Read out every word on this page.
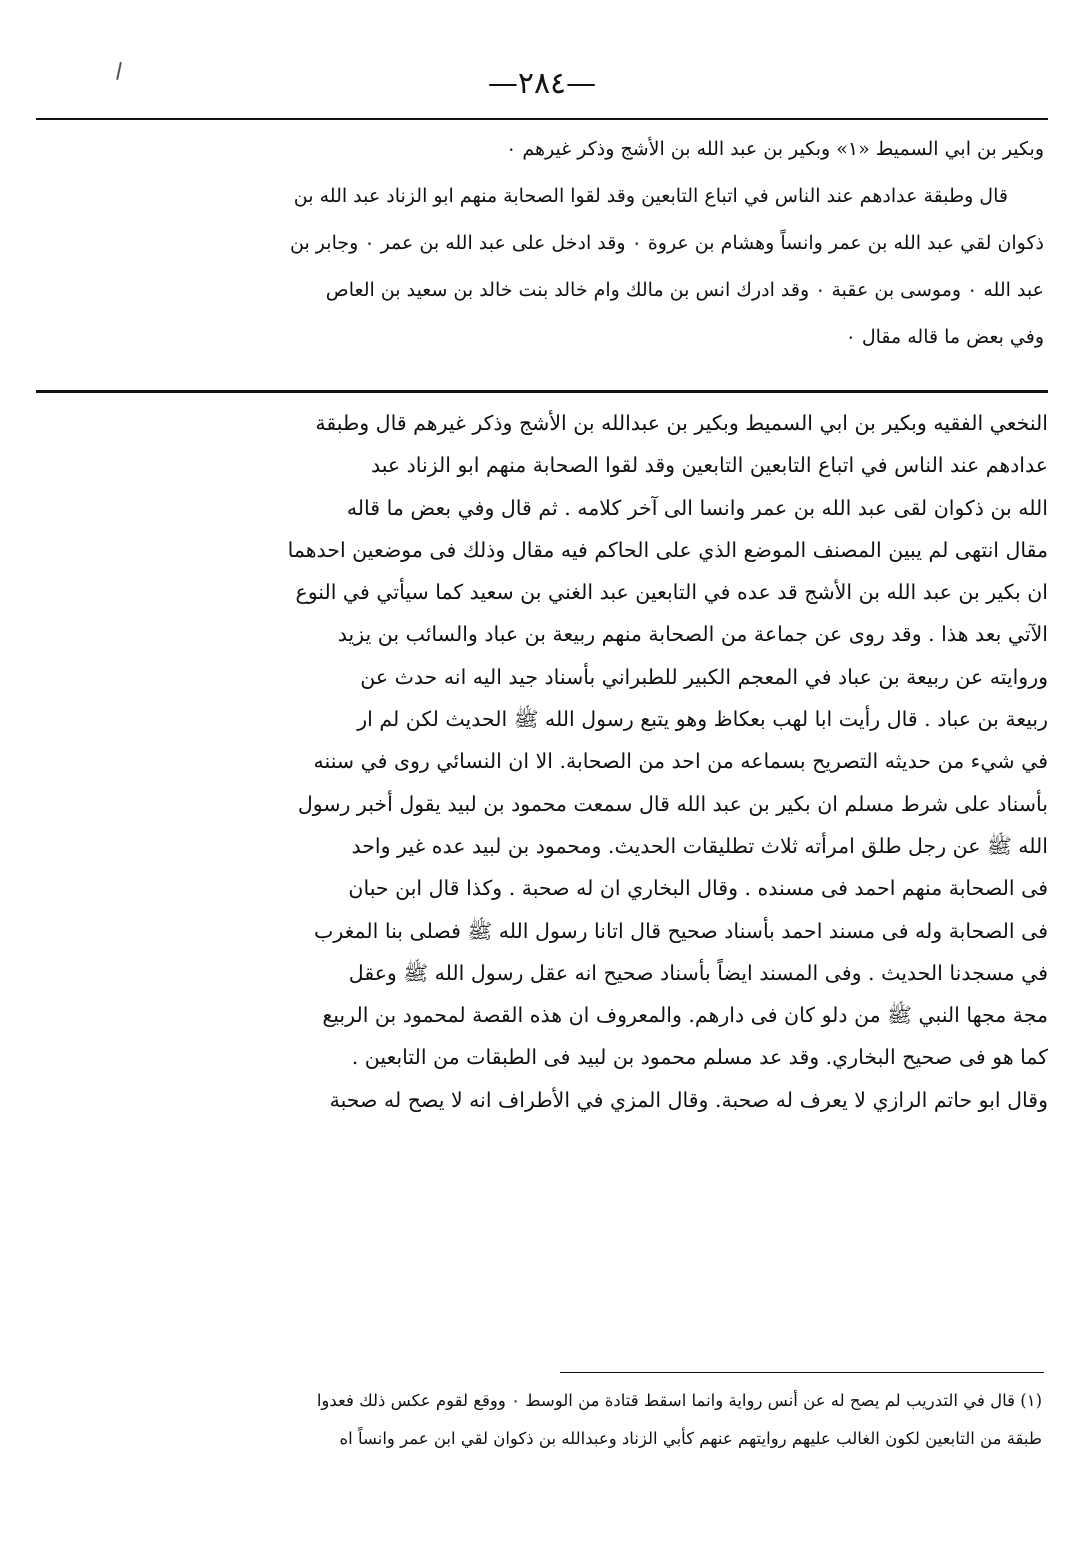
—٢٨٤—
وبكير بن ابي السميط «١» وبكير بن عبد الله بن الأشج وذكر غيرهم ٠
قال وطبقة عدادهم عند الناس في اتباع التابعين وقد لقوا الصحابة منهم ابو الزناد عبد الله بن
ذكوان لقي عبد الله بن عمر وانساً وهشام بن عروة ٠ وقد ادخل على عبد الله بن عمر ٠ وجابر بن
عبد الله ٠ وموسى بن عقبة ٠ وقد ادرك انس بن مالك وام خالد بنت خالد بن سعيد بن العاص
وفي بعض ما قاله مقال ٠
النخعي الفقيه وبكير بن ابي السميط وبكير بن عبدالله بن الأشج وذكر غيرهم قال وطبقة
عدادهم عند الناس في اتباع التابعين التابعين وقد لقوا الصحابة منهم ابو الزناد عبد
الله بن ذكوان لقى عبد الله بن عمر وانسا الى آخر كلامه . ثم قال وفي بعض ما قاله
مقال انتهى لم يبين المصنف الموضع الذي على الحاكم فيه مقال وذلك فى موضعين احدهما
ان بكير بن عبد الله بن الأشج قد عده في التابعين عبد الغني بن سعيد كما سيأتي في النوع
الآتي بعد هذا . وقد روى عن جماعة من الصحابة منهم ربيعة بن عباد والسائب بن يزيد
وروايته عن ربيعة بن عباد في المعجم الكبير للطبراني بأسناد جيد اليه انه حدث عن
ربيعة بن عباد . قال رأيت ابا لهب بعكاظ وهو يتبع رسول الله ﷺ الحديث لكن لم ار
في شيء من حديثه التصريح بسماعه من احد من الصحابة. الا ان النسائي روى في سننه
بأسناد على شرط مسلم ان بكير بن عبد الله قال سمعت محمود بن لبيد يقول أخبر رسول
الله ﷺ عن رجل طلق امرأته ثلاث تطليقات الحديث. ومحمود بن لبيد عده غير واحد
فى الصحابة منهم احمد فى مسنده . وقال البخاري ان له صحبة . وكذا قال ابن حبان
فى الصحابة وله فى مسند احمد بأسناد صحيح قال اتانا رسول الله ﷺ فصلى بنا المغرب
في مسجدنا الحديث . وفى المسند ايضاً بأسناد صحيح انه عقل رسول الله ﷺ وعقل
مجة مجها النبي ﷺ من دلو كان فى دارهم. والمعروف ان هذه القصة لمحمود بن الربيع
كما هو فى صحيح البخاري. وقد عد مسلم محمود بن لبيد فى الطبقات من التابعين .
وقال ابو حاتم الرازي لا يعرف له صحبة. وقال المزي في الأطراف انه لا يصح له صحبة
(١) قال في التدريب لم يصح له عن أنس رواية وانما اسقط قتادة من الوسط ٠ ووقع لقوم عكس ذلك فعدوا
طبقة من التابعين لكون الغالب عليهم روايتهم عنهم كأبي الزناد وعبدالله بن ذكوان لقي ابن عمر وانساً اه
